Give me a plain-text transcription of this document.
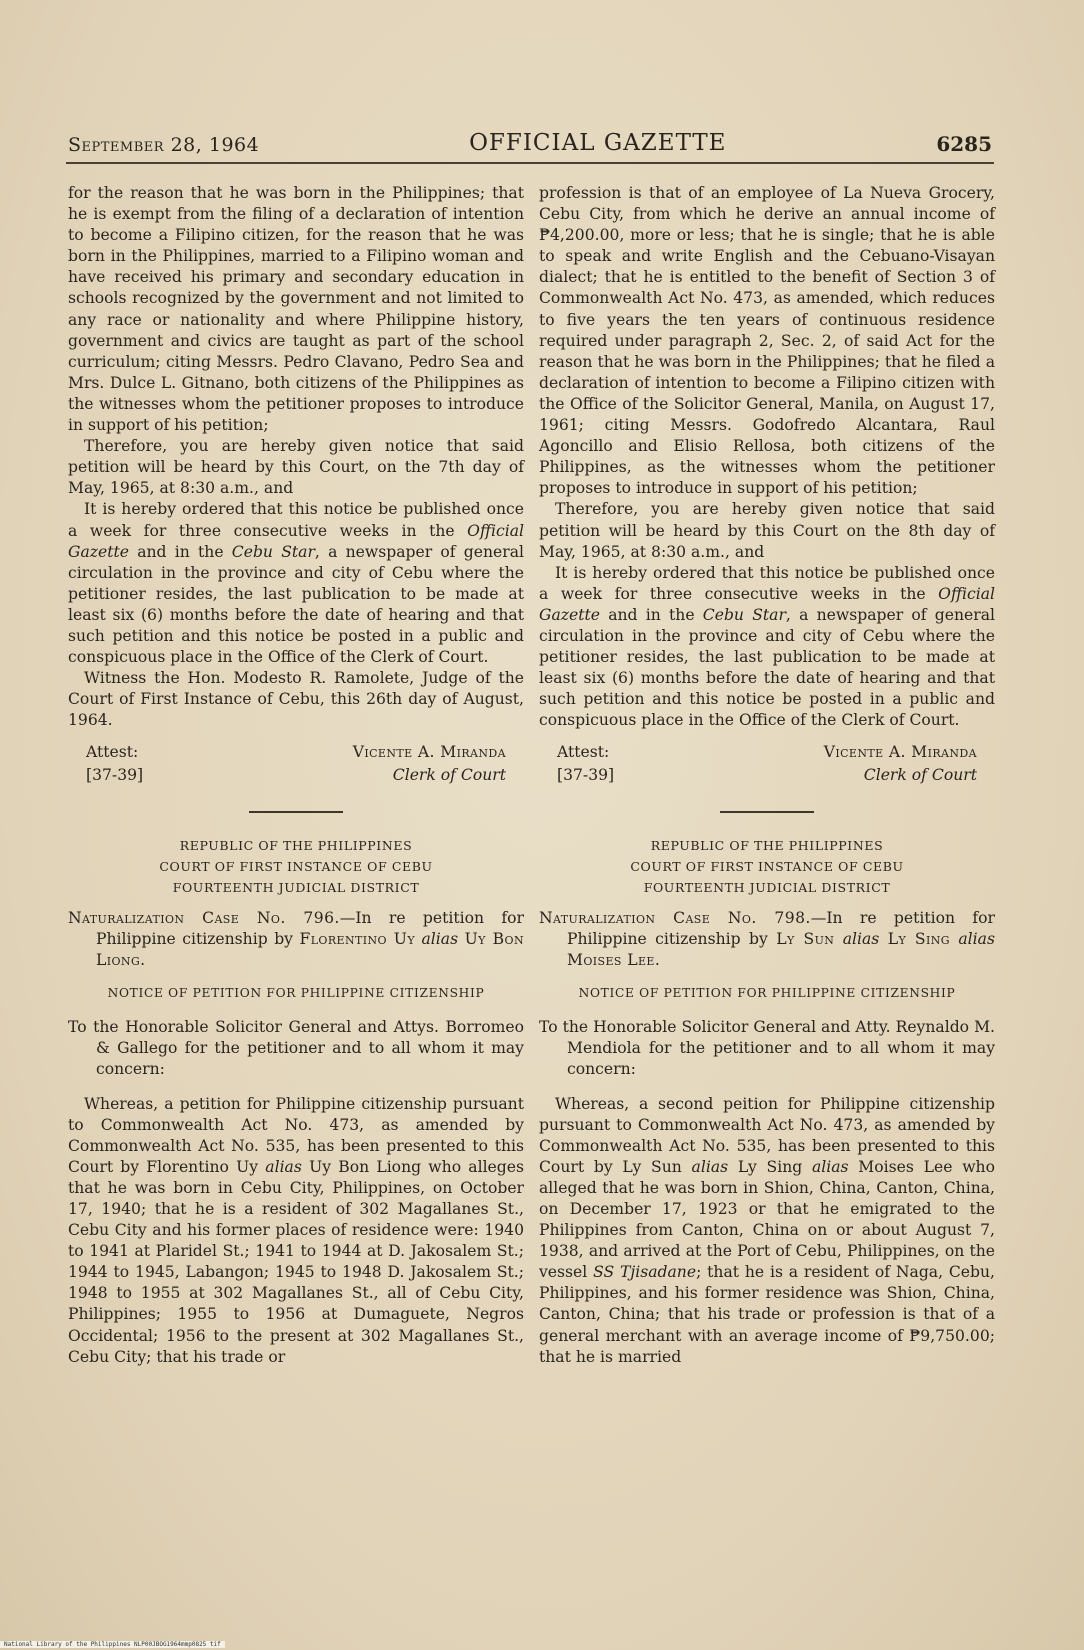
September 28, 1964	OFFICIAL GAZETTE	6285

for the reason that he was born in the Philippines; that he is exempt from the filing of a declaration of intention to become a Filipino citizen, for the reason that he was born in the Philippines, married to a Filipino woman and have received his primary and secondary education in schools recognized by the government and not limited to any race or nationality and where Philippine history, government and civics are taught as part of the school curriculum; citing Messrs. Pedro Clavano, Pedro Sea and Mrs. Dulce L. Gitnano, both citizens of the Philippines as the witnesses whom the petitioner proposes to introduce in support of his petition;

Therefore, you are hereby given notice that said petition will be heard by this Court, on the 7th day of May, 1965, at 8:30 a.m., and

It is hereby ordered that this notice be published once a week for three consecutive weeks in the Official Gazette and in the Cebu Star, a newspaper of general circulation in the province and city of Cebu where the petitioner resides, the last publication to be made at least six (6) months before the date of hearing and that such petition and this notice be posted in a public and conspicuous place in the Office of the Clerk of Court.

Witness the Hon. Modesto R. Ramolete, Judge of the Court of First Instance of Cebu, this 26th day of August, 1964.

Attest:
[37-39]
Vicente A. Miranda
Clerk of Court
REPUBLIC OF THE PHILIPPINES
COURT OF FIRST INSTANCE OF CEBU
FOURTEENTH JUDICIAL DISTRICT
Naturalization Case No. 796.—In re petition for Philippine citizenship by Florentino Uy alias Uy Bon Liong.
NOTICE OF PETITION FOR PHILIPPINE CITIZENSHIP
To the Honorable Solicitor General and Attys. Borromeo & Gallego for the petitioner and to all whom it may concern:

Whereas, a petition for Philippine citizenship pursuant to Commonwealth Act No. 473, as amended by Commonwealth Act No. 535, has been presented to this Court by Florentino Uy alias Uy Bon Liong who alleges that he was born in Cebu City, Philippines, on October 17, 1940; that he is a resident of 302 Magallanes St., Cebu City and his former places of residence were: 1940 to 1941 at Plaridel St.; 1941 to 1944 at D. Jakosalem St.; 1944 to 1945, Labangon; 1945 to 1948 D. Jakosalem St.; 1948 to 1955 at 302 Magallanes St., all of Cebu City, Philippines; 1955 to 1956 at Dumaguete, Negros Occidental; 1956 to the present at 302 Magallanes St., Cebu City; that his trade or

profession is that of an employee of La Nueva Grocery, Cebu City, from which he derive an annual income of ₱4,200.00, more or less; that he is single; that he is able to speak and write English and the Cebuano-Visayan dialect; that he is entitled to the benefit of Section 3 of Commonwealth Act No. 473, as amended, which reduces to five years the ten years of continuous residence required under paragraph 2, Sec. 2, of said Act for the reason that he was born in the Philippines; that he filed a declaration of intention to become a Filipino citizen with the Office of the Solicitor General, Manila, on August 17, 1961; citing Messrs. Godofredo Alcantara, Raul Agoncillo and Elisio Rellosa, both citizens of the Philippines, as the witnesses whom the petitioner proposes to introduce in support of his petition;

Therefore, you are hereby given notice that said petition will be heard by this Court on the 8th day of May, 1965, at 8:30 a.m., and

It is hereby ordered that this notice be published once a week for three consecutive weeks in the Official Gazette and in the Cebu Star, a newspaper of general circulation in the province and city of Cebu where the petitioner resides, the last publication to be made at least six (6) months before the date of hearing and that such petition and this notice be posted in a public and conspicuous place in the Office of the Clerk of Court.

Attest:
[37-39]
Vicente A. Miranda
Clerk of Court
REPUBLIC OF THE PHILIPPINES
COURT OF FIRST INSTANCE OF CEBU
FOURTEENTH JUDICIAL DISTRICT
Naturalization Case No. 798.—In re petition for Philippine citizenship by Ly Sun alias Ly Sing alias Moises Lee.
NOTICE OF PETITION FOR PHILIPPINE CITIZENSHIP
To the Honorable Solicitor General and Atty. Reynaldo M. Mendiola for the petitioner and to all whom it may concern:

Whereas, a second peition for Philippine citizenship pursuant to Commonwealth Act No. 473, as amended by Commonwealth Act No. 535, has been presented to this Court by Ly Sun alias Ly Sing alias Moises Lee who alleged that he was born in Shion, China, Canton, China, on December 17, 1923 or that he emigrated to the Philippines from Canton, China on or about August 7, 1938, and arrived at the Port of Cebu, Philippines, on the vessel SS Tjisadane; that he is a resident of Naga, Cebu, Philippines, and his former residence was Shion, China, Canton, China; that his trade or profession is that of a general merchant with an average income of ₱9,750.00; that he is married

National Library of the Philippines NLP00JBOG1964mmp0825 tif
